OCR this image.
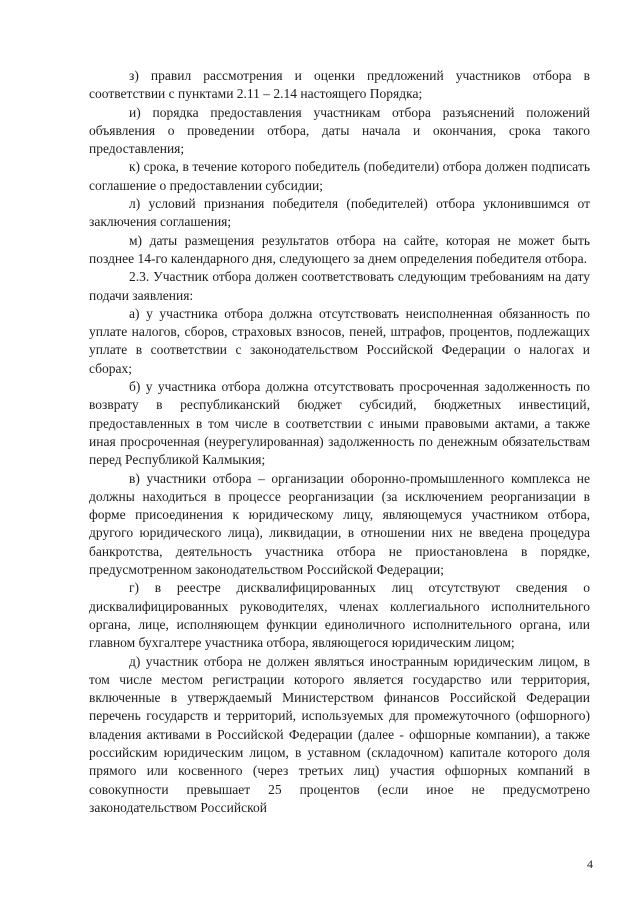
з) правил рассмотрения и оценки предложений участников отбора в соответствии с пунктами 2.11 – 2.14 настоящего Порядка;

и) порядка предоставления участникам отбора разъяснений положений объявления о проведении отбора, даты начала и окончания, срока такого предоставления;

к) срока, в течение которого победитель (победители) отбора должен подписать соглашение о предоставлении субсидии;

л) условий признания победителя (победителей) отбора уклонившимся от заключения соглашения;

м) даты размещения результатов отбора на сайте, которая не может быть позднее 14-го календарного дня, следующего за днем определения победителя отбора.

2.3. Участник отбора должен соответствовать следующим требованиям на дату подачи заявления:

а) у участника отбора должна отсутствовать неисполненная обязанность по уплате налогов, сборов, страховых взносов, пеней, штрафов, процентов, подлежащих уплате в соответствии с законодательством Российской Федерации о налогах и сборах;

б) у участника отбора должна отсутствовать просроченная задолженность по возврату в республиканский бюджет субсидий, бюджетных инвестиций, предоставленных в том числе в соответствии с иными правовыми актами, а также иная просроченная (неурегулированная) задолженность по денежным обязательствам перед Республикой Калмыкия;

в) участники отбора – организации оборонно-промышленного комплекса не должны находиться в процессе реорганизации (за исключением реорганизации в форме присоединения к юридическому лицу, являющемуся участником отбора, другого юридического лица), ликвидации, в отношении них не введена процедура банкротства, деятельность участника отбора не приостановлена в порядке, предусмотренном законодательством Российской Федерации;

г) в реестре дисквалифицированных лиц отсутствуют сведения о дисквалифицированных руководителях, членах коллегиального исполнительного органа, лице, исполняющем функции единоличного исполнительного органа, или главном бухгалтере участника отбора, являющегося юридическим лицом;

д) участник отбора не должен являться иностранным юридическим лицом, в том числе местом регистрации которого является государство или территория, включенные в утверждаемый Министерством финансов Российской Федерации перечень государств и территорий, используемых для промежуточного (офшорного) владения активами в Российской Федерации (далее - офшорные компании), а также российским юридическим лицом, в уставном (складочном) капитале которого доля прямого или косвенного (через третьих лиц) участия офшорных компаний в совокупности превышает 25 процентов (если иное не предусмотрено законодательством Российской

4
